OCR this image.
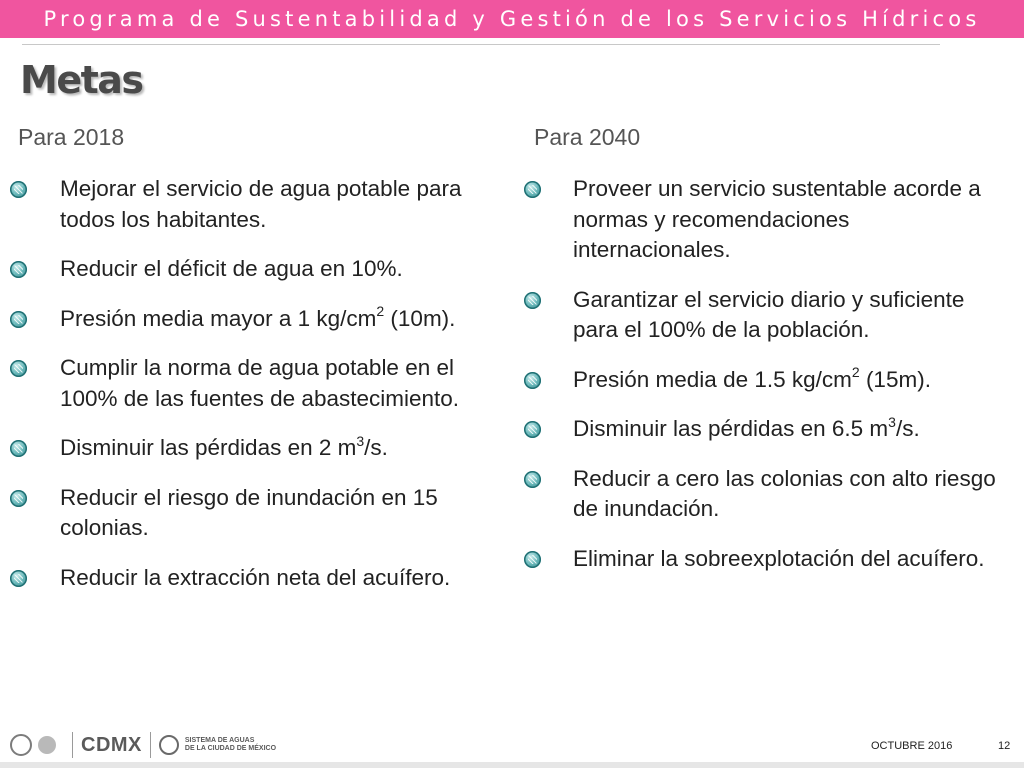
Programa de Sustentabilidad y Gestión de los Servicios Hídricos
Metas
Para 2018
Mejorar el servicio de agua potable para todos los habitantes.
Reducir el déficit de agua en 10%.
Presión media mayor a 1 $kg/cm^2$ (10m).
Cumplir la norma de agua potable en el 100% de las fuentes de abastecimiento.
Disminuir las pérdidas en 2 $m^3/s$.
Reducir el riesgo de inundación en 15 colonias.
Reducir la extracción neta del acuífero.
Para 2040
Proveer un servicio sustentable acorde a normas y recomendaciones internacionales.
Garantizar el servicio diario y suficiente para el 100% de la población.
Presión media de 1.5 $kg/cm^2$ (15m).
Disminuir las pérdidas en 6.5 $m^3/s$.
Reducir a cero las colonias con alto riesgo de inundación.
Eliminar la sobreexplotación del acuífero.
CDMX	SISTEMA DE AGUAS
DE LA CIUDAD DE MÉXICO	OCTUBRE 2016	12
